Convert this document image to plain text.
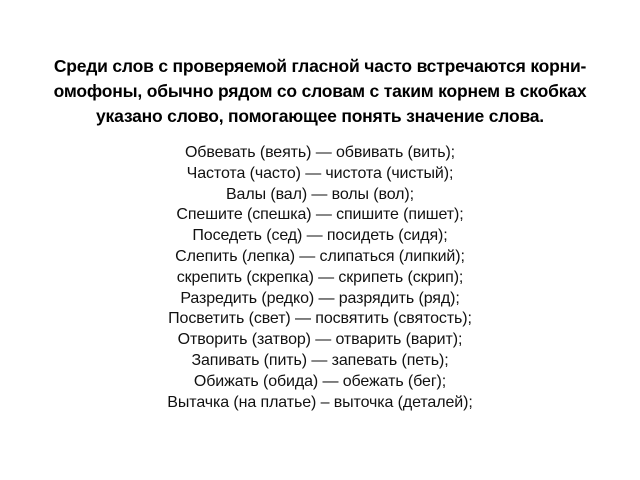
Среди слов с проверяемой гласной часто встречаются корни-
омофоны, обычно рядом со словам с таким корнем в скобках
указано слово, помогающее понять значение слова.
Обвевать (веять) — обвивать (вить);
Частота (часто) — чистота (чистый);
Валы (вал) — волы (вол);
Спешите (спешка) — спишите (пишет);
Поседеть (сед) — посидеть (сидя);
Слепить (лепка) — слипаться (липкий);
скрепить (скрепка) — скрипеть (скрип);
Разредить (редко) — разрядить (ряд);
Посветить (свет) — посвятить (святость);
Отворить (затвор) — отварить (варит);
Запивать (пить) — запевать (петь);
Обижать (обида) — обежать (бег);
Вытачка (на платье) – выточка (деталей);
